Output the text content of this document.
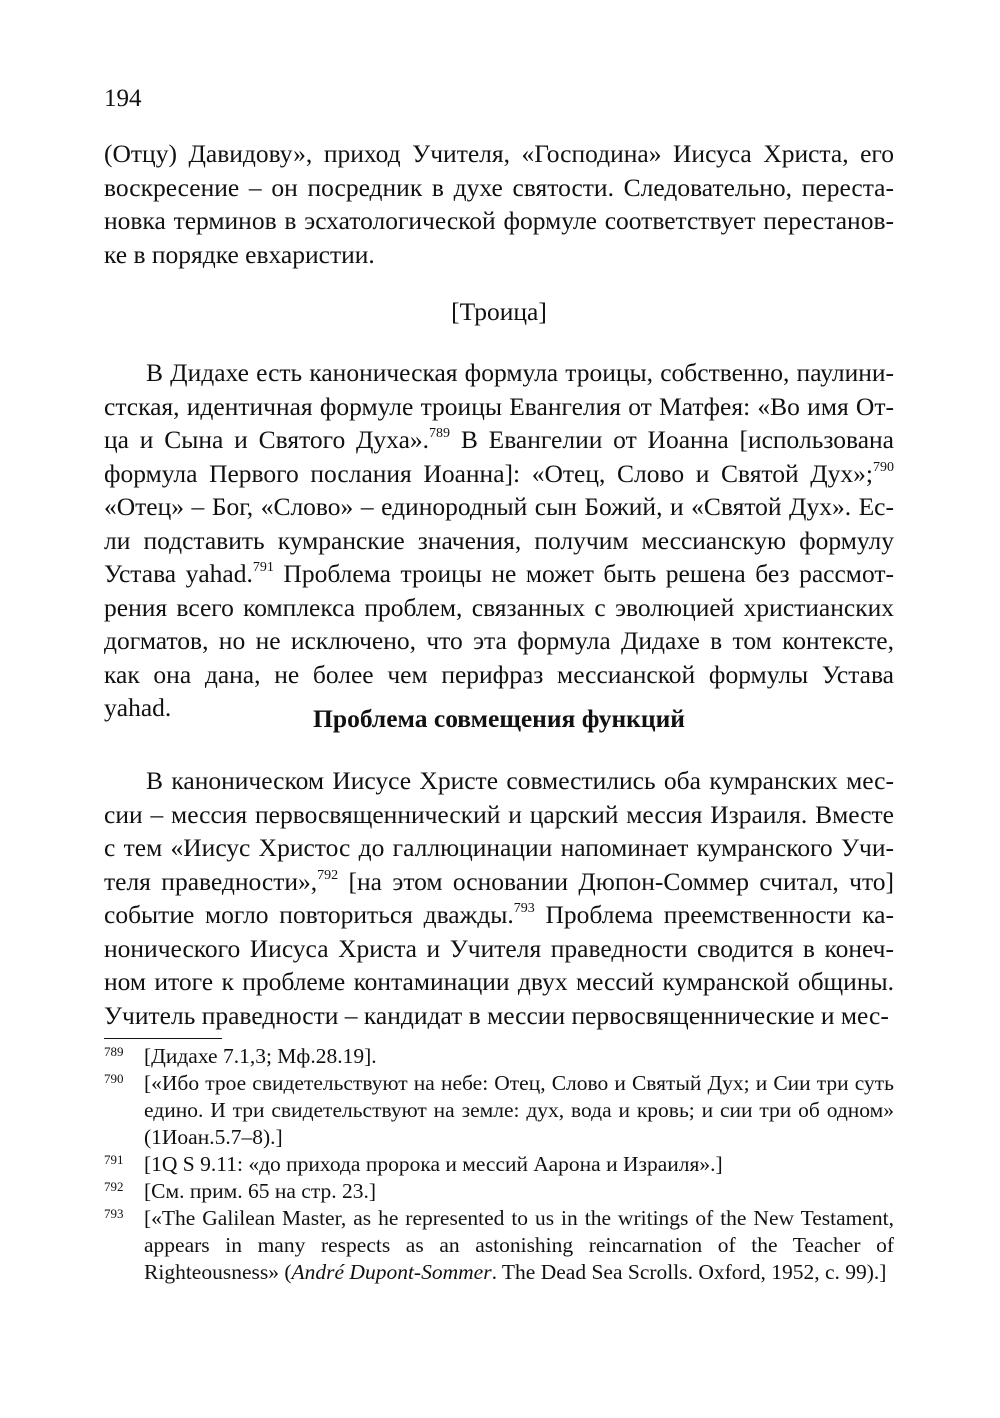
194

(Отцу) Давидову», приход Учителя, «Господина» Иисуса Христа, его воскресение – он посредник в духе святости. Следовательно, переста-новка терминов в эсхатологической формуле соответствует перестанов-ке в порядке евхаристии.

[Троица]

В Дидахе есть каноническая формула троицы, собственно, паулини-стская, идентичная формуле троицы Евангелия от Матфея: «Во имя От-ца и Сына и Святого Духа».$^{789}$ В Евангелии от Иоанна [использована формула Первого послания Иоанна]: «Отец, Слово и Святой Дух»;$^{790}$ «Отец» – Бог, «Слово» – единородный сын Божий, и «Святой Дух». Ес-ли подставить кумранские значения, получим мессианскую формулу Устава yahad.$^{791}$ Проблема троицы не может быть решена без рассмот-рения всего комплекса проблем, связанных с эволюцией христианских догматов, но не исключено, что эта формула Дидахе в том контексте, как она дана, не более чем перифраз мессианской формулы Устава yahad.	Проблема совмещения функций

В каноническом Иисусе Христе совместились оба кумранских мес-сии – мессия первосвященнический и царский мессия Израиля. Вместе с тем «Иисус Христос до галлюцинации напоминает кумранского Учи-теля праведности»,$^{792}$ [на этом основании Дюпон-Соммер считал, что] событие могло повториться дважды.$^{793}$ Проблема преемственности ка-нонического Иисуса Христа и Учителя праведности сводится в конеч-ном итоге к проблеме контаминации двух мессий кумранской общины. Учитель праведности – кандидат в мессии первосвященнические и мес-

789 [Дидахе 7.1,3; Мф.28.19].

790 [«Ибо трое свидетельствуют на небе: Отец, Слово и Святый Дух; и Сии три суть едино. И три свидетельствуют на земле: дух, вода и кровь; и сии три об одном» (1Иоан.5.7–8).]

791 [1Q S 9.11: «до прихода пророка и мессий Аарона и Израиля».]

792 [См. прим. 65 на стр. 23.]

793 [«The Galilean Master, as he represented to us in the writings of the New Testament, appears in many respects as an astonishing reincarnation of the Teacher of Righteousness» (André Dupont-Sommer. The Dead Sea Scrolls. Oxford, 1952, c. 99).]
